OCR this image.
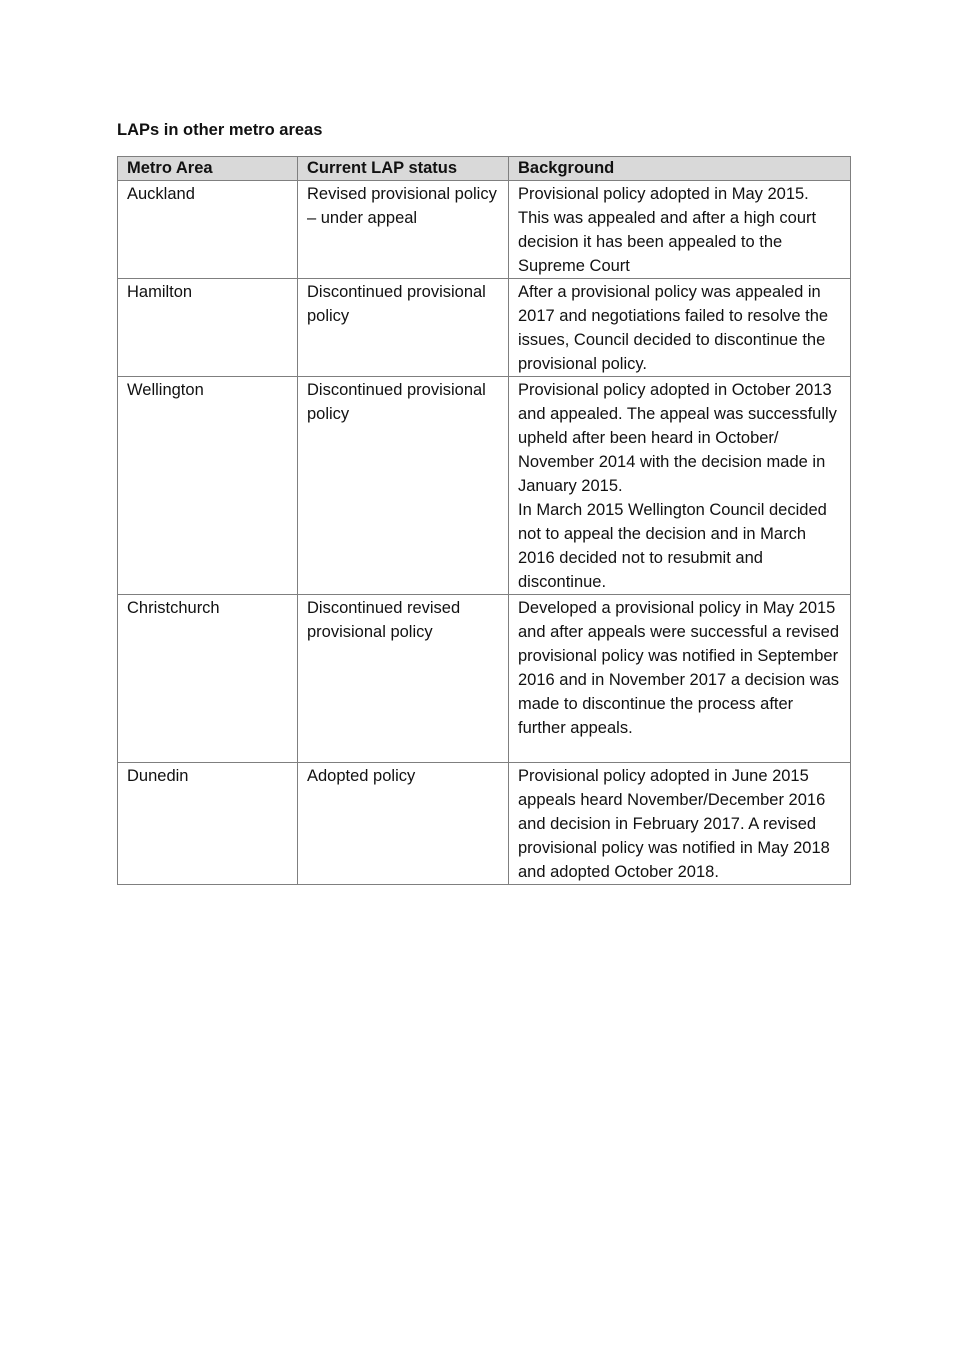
LAPs in other metro areas
Metro Area	Current LAP status	Background
Auckland	Revised provisional policy – under appeal	Provisional policy adopted in May 2015. This was appealed and after a high court decision it has been appealed to the Supreme Court

Hamilton	Discontinued provisional policy	After a provisional policy was appealed in 2017 and negotiations failed to resolve the issues, Council decided to discontinue the provisional policy.

Wellington	Discontinued provisional policy	Provisional policy adopted in October 2013 and appealed. The appeal was successfully upheld after been heard in October/ November 2014 with the decision made in January 2015.
In March 2015 Wellington Council decided not to appeal the decision and in March 2016 decided not to resubmit and discontinue.

Christchurch	Discontinued revised provisional policy	Developed a provisional policy in May 2015 and after appeals were successful a revised provisional policy was notified in September 2016 and in November 2017 a decision was made to discontinue the process after further appeals.

Dunedin	Adopted policy	Provisional policy adopted in June 2015 appeals heard November/December 2016 and decision in February 2017. A revised provisional policy was notified in May 2018 and adopted October 2018.
